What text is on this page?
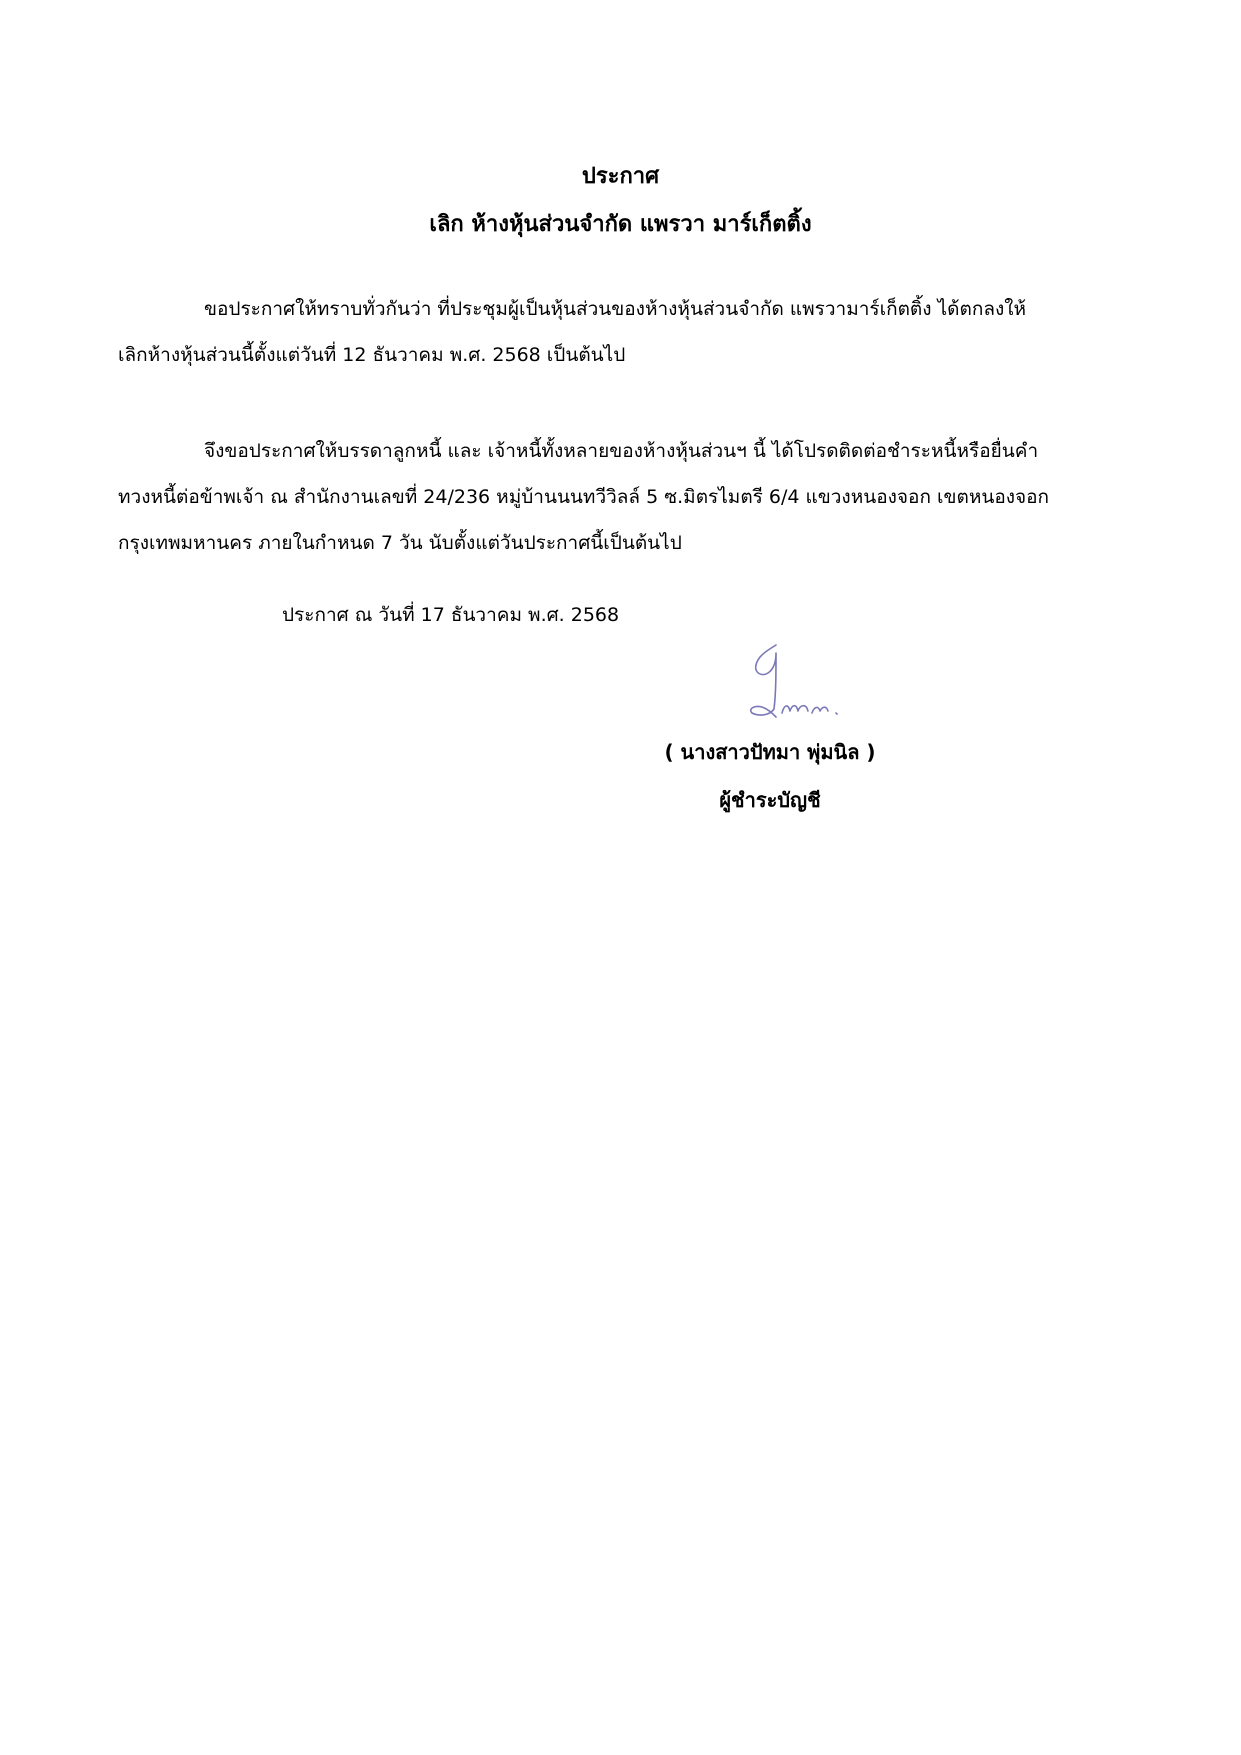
ประกาศ
เลิก ห้างหุ้นส่วนจำกัด แพรวา มาร์เก็ตติ้ง
ขอประกาศให้ทราบทั่วกันว่า ที่ประชุมผู้เป็นหุ้นส่วนของห้างหุ้นส่วนจำกัด แพรวามาร์เก็ตติ้ง ได้ตกลงให้
เลิกห้างหุ้นส่วนนี้ตั้งแต่วันที่ 12 ธันวาคม พ.ศ. 2568 เป็นต้นไป
จึงขอประกาศให้บรรดาลูกหนี้ และ เจ้าหนี้ทั้งหลายของห้างหุ้นส่วนฯ นี้ ได้โปรดติดต่อชำระหนี้หรือยื่นคำ
ทวงหนี้ต่อข้าพเจ้า ณ สำนักงานเลขที่ 24/236 หมู่บ้านนนทวีวิลล์ 5 ซ.มิตรไมตรี 6/4 แขวงหนองจอก เขตหนองจอก
กรุงเทพมหานคร ภายในกำหนด 7 วัน นับตั้งแต่วันประกาศนี้เป็นต้นไป
ประกาศ ณ วันที่ 17 ธันวาคม พ.ศ. 2568
( นางสาวปัทมา พุ่มนิล )
ผู้ชำระบัญชี
